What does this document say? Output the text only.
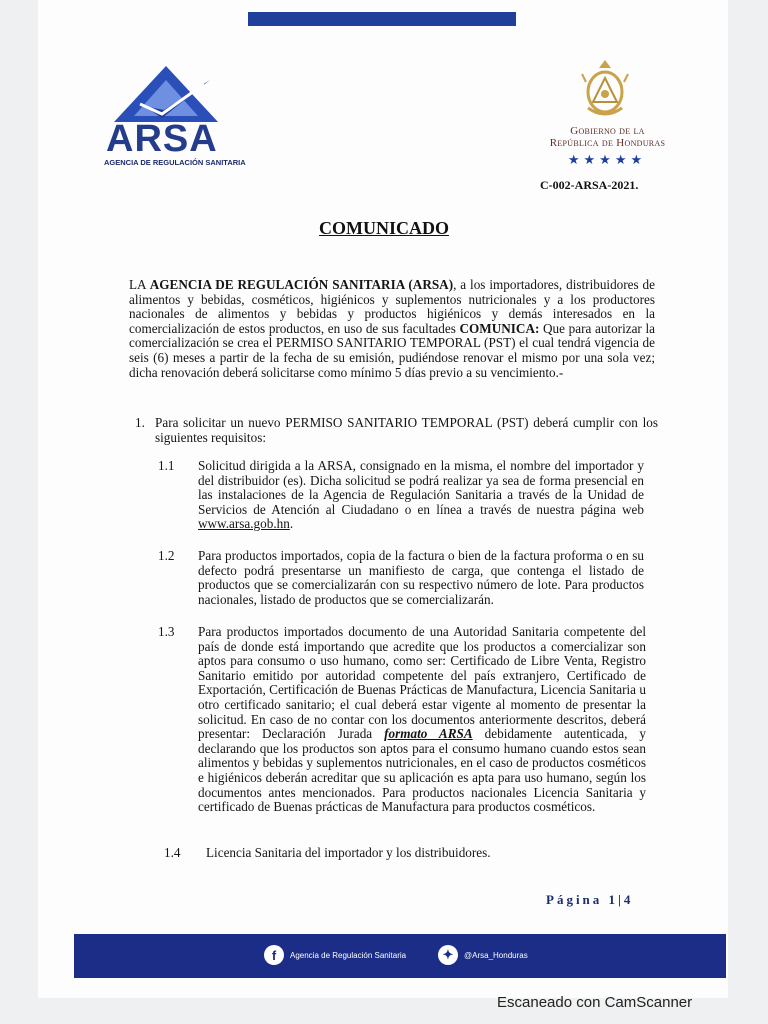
ARSA
AGENCIA DE REGULACIÓN SANITARIA
Gobierno de la
República de Honduras
★★★★★
C-002-ARSA-2021.
COMUNICADO
LA AGENCIA DE REGULACIÓN SANITARIA (ARSA), a los importadores, distribuidores de alimentos y bebidas, cosméticos, higiénicos y suplementos nutricionales y a los productores nacionales de alimentos y bebidas y productos higiénicos y demás interesados en la comercialización de estos productos, en uso de sus facultades COMUNICA: Que para autorizar la comercialización se crea el PERMISO SANITARIO TEMPORAL (PST) el cual tendrá vigencia de seis (6) meses a partir de la fecha de su emisión, pudiéndose renovar el mismo por una sola vez; dicha renovación deberá solicitarse como mínimo 5 días previo a su vencimiento.-
1. Para solicitar un nuevo PERMISO SANITARIO TEMPORAL (PST) deberá cumplir con los siguientes requisitos:
1.1 Solicitud dirigida a la ARSA, consignado en la misma, el nombre del importador y del distribuidor (es). Dicha solicitud se podrá realizar ya sea de forma presencial en las instalaciones de la Agencia de Regulación Sanitaria a través de la Unidad de Servicios de Atención al Ciudadano o en línea a través de nuestra página web www.arsa.gob.hn.
1.2 Para productos importados, copia de la factura o bien de la factura proforma o en su defecto podrá presentarse un manifiesto de carga, que contenga el listado de productos que se comercializarán con su respectivo número de lote. Para productos nacionales, listado de productos que se comercializarán.
1.3 Para productos importados documento de una Autoridad Sanitaria competente del país de donde está importando que acredite que los productos a comercializar son aptos para consumo o uso humano, como ser: Certificado de Libre Venta, Registro Sanitario emitido por autoridad competente del país extranjero, Certificado de Exportación, Certificación de Buenas Prácticas de Manufactura, Licencia Sanitaria u otro certificado sanitario; el cual deberá estar vigente al momento de presentar la solicitud. En caso de no contar con los documentos anteriormente descritos, deberá presentar: Declaración Jurada formato ARSA debidamente autenticada, y declarando que los productos son aptos para el consumo humano cuando estos sean alimentos y bebidas y suplementos nutricionales, en el caso de productos cosméticos e higiénicos deberán acreditar que su aplicación es apta para uso humano, según los documentos antes mencionados. Para productos nacionales Licencia Sanitaria y certificado de Buenas prácticas de Manufactura para productos cosméticos.
1.4 Licencia Sanitaria del importador y los distribuidores.
Página 1|4
f	Agencia de Regulación Sanitaria	✦	@Arsa_Honduras
Escaneado con CamScanner
